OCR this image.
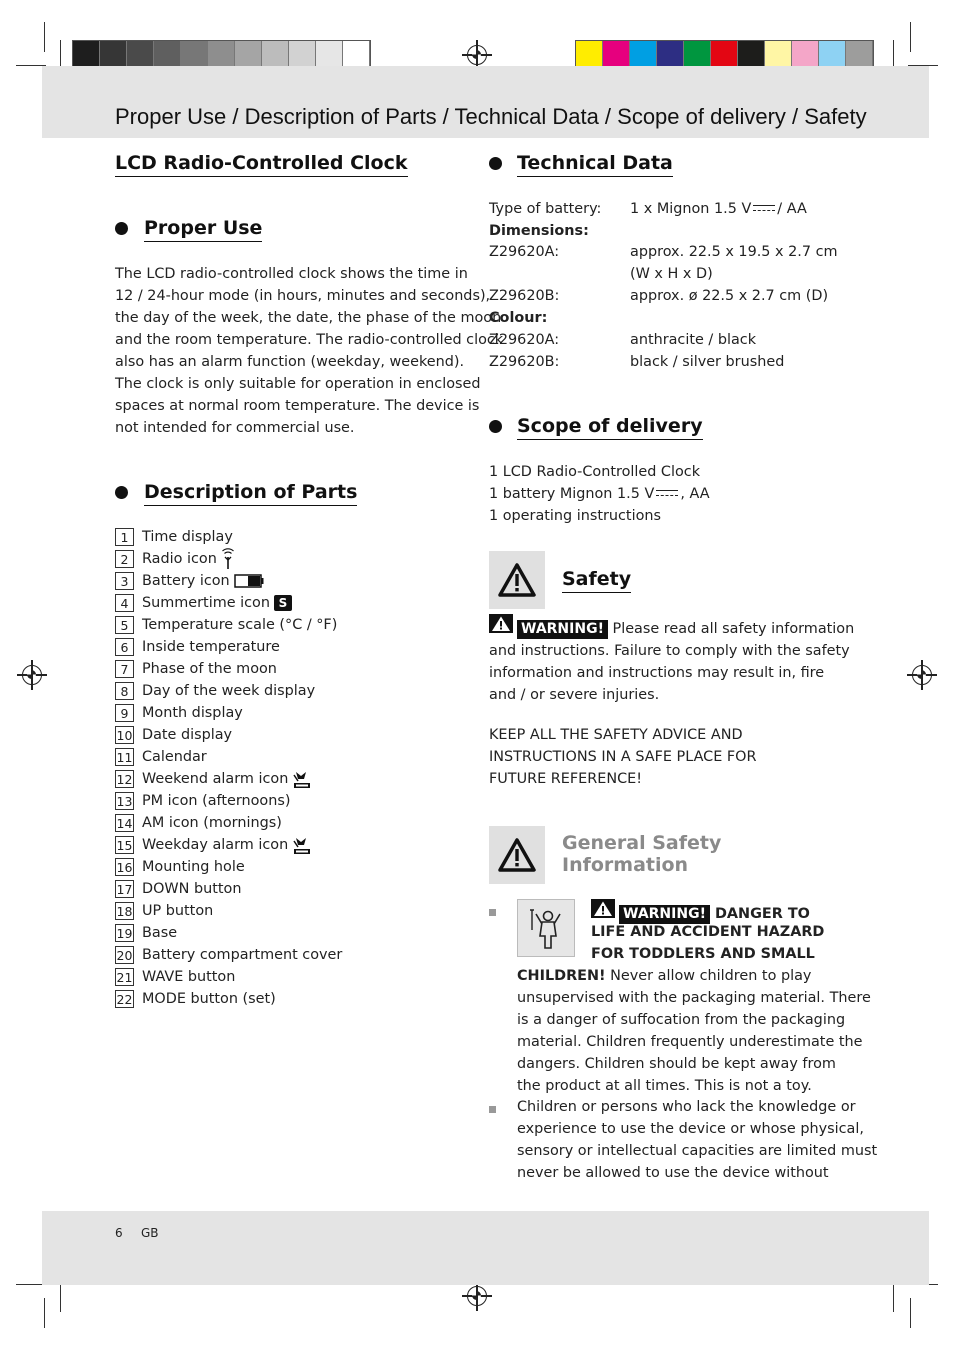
Proper Use / Description of Parts / Technical Data / Scope of delivery / Safety
LCD Radio-Controlled Clock
Proper Use
The LCD radio-controlled clock shows the time in
12 / 24-hour mode (in hours, minutes and seconds),
the day of the week, the date, the phase of the moon
and the room temperature. The radio-controlled clock
also has an alarm function (weekday, weekend).
The clock is only suitable for operation in enclosed
spaces at normal room temperature. The device is
not intended for commercial use.
Description of Parts
1 Time display
2 Radio icon
3 Battery icon
4 Summertime icon S
5 Temperature scale (°C / °F)
6 Inside temperature
7 Phase of the moon
8 Day of the week display
9 Month display
10 Date display
11 Calendar
12 Weekend alarm icon
13 PM icon (afternoons)
14 AM icon (mornings)
15 Weekday alarm icon
16 Mounting hole
17 DOWN button
18 UP button
19 Base
20 Battery compartment cover
21 WAVE button
22 MODE button (set)
Technical Data
Type of battery: 1 x Mignon 1.5 V / AA
Dimensions:
Z29620A:	approx. 22.5 x 19.5 x 2.7 cm
(W x H x D)
Z29620B:	approx. ø 22.5 x 2.7 cm (D)
Colour:
Z29620A:	anthracite / black
Z29620B:	black / silver brushed
Scope of delivery
1 LCD Radio-Controlled Clock
1 battery Mignon 1.5 V , AA
1 operating instructions
Safety
WARNING! Please read all safety information
and instructions. Failure to comply with the safety
information and instructions may result in, fire
and / or severe injuries.
KEEP ALL THE SAFETY ADVICE AND
INSTRUCTIONS IN A SAFE PLACE FOR
FUTURE REFERENCE!
General Safety
Information
WARNING! DANGER TO
LIFE AND ACCIDENT HAZARD
FOR TODDLERS AND SMALL
CHILDREN! Never allow children to play
unsupervised with the packaging material. There
is a danger of suffocation from the packaging
material. Children frequently underestimate the
dangers. Children should be kept away from
the product at all times. This is not a toy.
Children or persons who lack the knowledge or
experience to use the device or whose physical,
sensory or intellectual capacities are limited must
never be allowed to use the device without
6 GB
